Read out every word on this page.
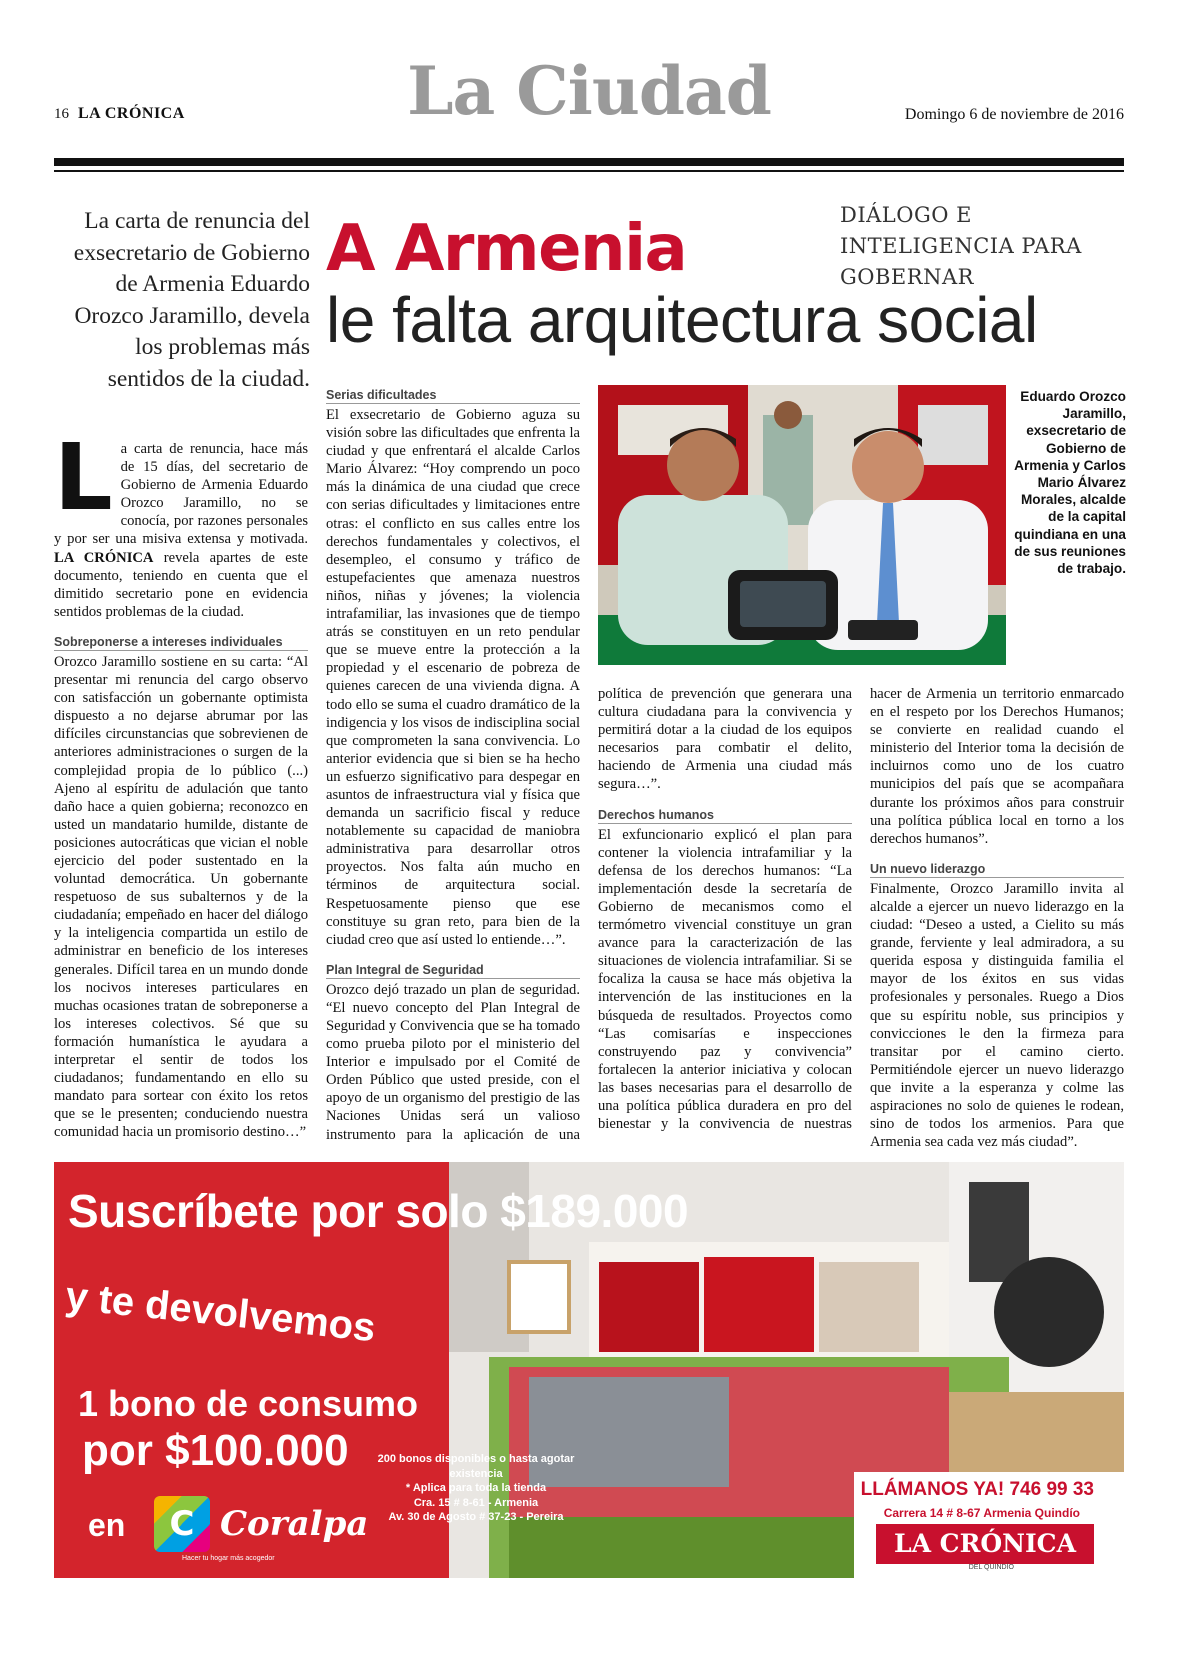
16 LA CRÓNICA	La Ciudad	Domingo 6 de noviembre de 2016
La carta de renuncia del exsecretario de Gobierno de Armenia Eduardo Orozco Jaramillo, devela los problemas más sentidos de la ciudad.
A Armenia	DIÁLOGO E INTELIGENCIA PARA GOBERNAR
le falta arquitectura social

La carta de renuncia, hace más de 15 días, del secretario de Gobierno de Armenia Eduardo Orozco Jaramillo, no se conocía, por razones personales y por ser una misiva extensa y motivada. LA CRÓNICA revela apartes de este documento, teniendo en cuenta que el dimitido secretario pone en evidencia sentidos problemas de la ciudad.

Sobreponerse a intereses individuales

Orozco Jaramillo sostiene en su carta: “Al presentar mi renuncia del cargo observo con satisfacción un gobernante optimista dispuesto a no dejarse abrumar por las difíciles circunstancias que sobrevienen de anteriores administraciones o surgen de la complejidad propia de lo público (...) Ajeno al espíritu de adulación que tanto daño hace a quien gobierna; reconozco en usted un mandatario humilde, distante de posiciones autocráticas que vician el noble ejercicio del poder sustentado en la voluntad democrática. Un gobernante respetuoso de sus subalternos y de la ciudadanía; empeñado en hacer del diálogo y la inteligencia compartida un estilo de administrar en beneficio de los intereses generales. Difícil tarea en un mundo donde los nocivos intereses particulares en muchas ocasiones tratan de sobreponerse a los intereses colectivos. Sé que su formación humanística le ayudara a interpretar el sentir de todos los ciudadanos; fundamentando en ello su mandato para sortear con éxito los retos que se le presenten; conduciendo nuestra comunidad hacia un promisorio destino…”

Serias dificultades

El exsecretario de Gobierno aguza su visión sobre las dificultades que enfrenta la ciudad y que enfrentará el alcalde Carlos Mario Álvarez: “Hoy comprendo un poco más la dinámica de una ciudad que crece con serias dificultades y limitaciones entre otras: el conflicto en sus calles entre los derechos fundamentales y colectivos, el desempleo, el consumo y tráfico de estupefacientes que amenaza nuestros niños, niñas y jóvenes; la violencia intrafamiliar, las invasiones que de tiempo atrás se constituyen en un reto pendular que se mueve entre la protección a la propiedad y el escenario de pobreza de quienes carecen de una vivienda digna. A todo ello se suma el cuadro dramático de la indigencia y los visos de indisciplina social que comprometen la sana convivencia. Lo anterior evidencia que si bien se ha hecho un esfuerzo significativo para despegar en asuntos de infraestructura vial y física que demanda un sacrificio fiscal y reduce notablemente su capacidad de maniobra administrativa para desarrollar otros proyectos. Nos falta aún mucho en términos de arquitectura social. Respetuosamente pienso que ese constituye su gran reto, para bien de la ciudad creo que así usted lo entiende…”.

Plan Integral de Seguridad

Orozco dejó trazado un plan de seguridad. “El nuevo concepto del Plan Integral de Seguridad y Convivencia que se ha tomado como prueba piloto por el ministerio del Interior e impulsado por el Comité de Orden Público que usted preside, con el apoyo de un organismo del prestigio de las Naciones Unidas será un valioso instrumento para la aplicación de una

Eduardo Orozco Jaramillo, exsecretario de Gobierno de Armenia y Carlos Mario Álvarez Morales, alcalde de la capital quindiana en una de sus reuniones de trabajo.

política de prevención que generara una cultura ciudadana para la convivencia y permitirá dotar a la ciudad de los equipos necesarios para combatir el delito, haciendo de Armenia una ciudad más segura…”.

Derechos humanos

El exfuncionario explicó el plan para contener la violencia intrafamiliar y la defensa de los derechos humanos: “La implementación desde la secretaría de Gobierno de mecanismos como el termómetro vivencial constituye un gran avance para la caracterización de las situaciones de violencia intrafamiliar. Si se focaliza la causa se hace más objetiva la intervención de las instituciones en la búsqueda de resultados. Proyectos como “Las comisarías e inspecciones construyendo paz y convivencia” fortalecen la anterior iniciativa y colocan las bases necesarias para el desarrollo de una política pública duradera en pro del bienestar y la convivencia de nuestras

hacer de Armenia un territorio enmarcado en el respeto por los Derechos Humanos; se convierte en realidad cuando el ministerio del Interior toma la decisión de incluirnos como uno de los cuatro municipios del país que se acompañara durante los próximos años para construir una política pública local en torno a los derechos humanos”.

Un nuevo liderazgo

Finalmente, Orozco Jaramillo invita al alcalde a ejercer un nuevo liderazgo en la ciudad: “Deseo a usted, a Cielito su más grande, ferviente y leal admiradora, a su querida esposa y distinguida familia el mayor de los éxitos en sus vidas profesionales y personales. Ruego a Dios que su espíritu noble, sus principios y convicciones le den la firmeza para transitar por el camino cierto. Permitiéndole ejercer un nuevo liderazgo que invite a la esperanza y colme las aspiraciones no solo de quienes le rodean, sino de todos los armenios. Para que Armenia sea cada vez más ciudad”.

Suscríbete por solo $189.000
y te devolvemos
1 bono de consumo
por $100.000
en	C Coralpa
Hacer tu hogar más acogedor
200 bonos disponibles o hasta agotar existencia
* Aplica para toda la tienda
Cra. 15 # 8-61 - Armenia
Av. 30 de Agosto # 37-23 - Pereira
LLÁMANOS YA! 746 99 33
Carrera 14 # 8-67 Armenia Quindío
LA CRÓNICA
DEL QUINDÍO
